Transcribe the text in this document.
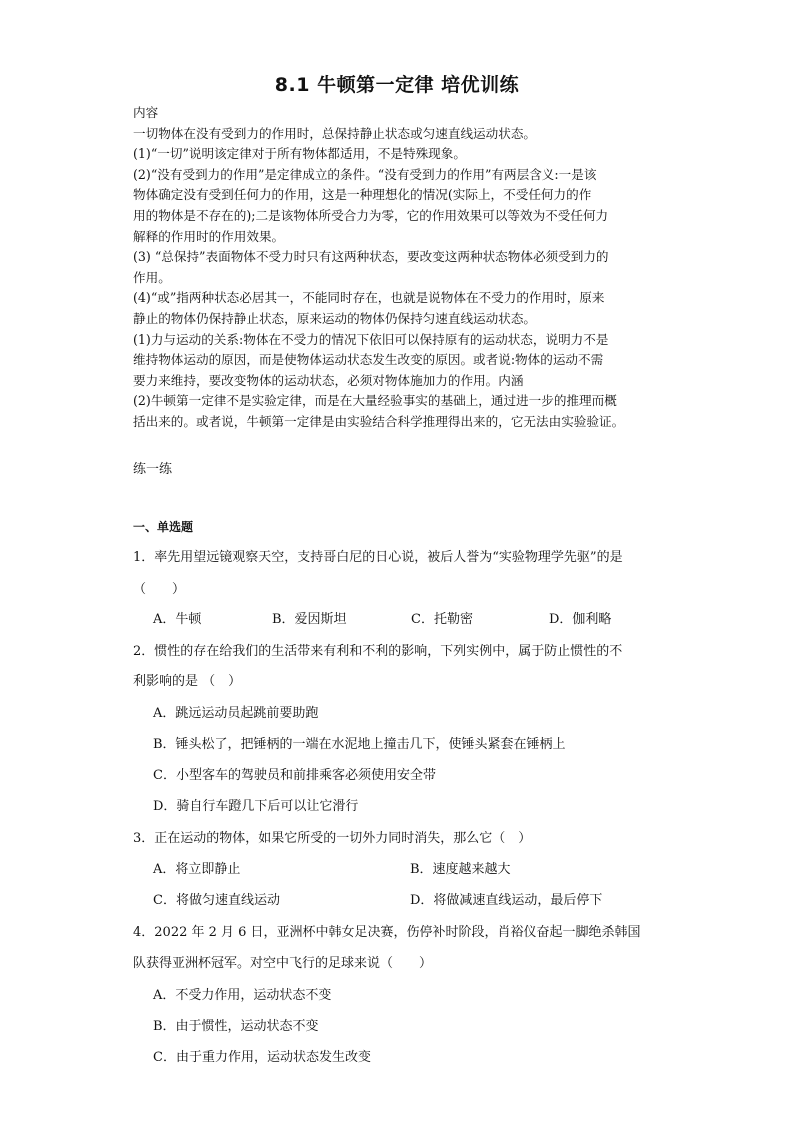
8.1 牛顿第一定律 培优训练

内容

一切物体在没有受到力的作用时，总保持静止状态或匀速直线运动状态。

(1)“一切”说明该定律对于所有物体都适用，不是特殊现象。

(2)“没有受到力的作用”是定律成立的条件。“没有受到力的作用”有两层含义:一是该

物体确定没有受到任何力的作用，这是一种理想化的情况(实际上，不受任何力的作

用的物体是不存在的);二是该物体所受合力为零，它的作用效果可以等效为不受任何力

解释的作用时的作用效果。

(3) “总保持”表面物体不受力时只有这两种状态，要改变这两种状态物体必须受到力的

作用。

(4)“或”指两种状态必居其一，不能同时存在，也就是说物体在不受力的作用时，原来

静止的物体仍保持静止状态，原来运动的物体仍保持匀速直线运动状态。

(1)力与运动的关系:物体在不受力的情况下依旧可以保持原有的运动状态，说明力不是

维持物体运动的原因，而是使物体运动状态发生改变的原因。或者说:物体的运动不需

要力来维持，要改变物体的运动状态，必须对物体施加力的作用。内涵

(2)牛顿第一定律不是实验定律，而是在大量经验事实的基础上，通过进一步的推理而概

括出来的。或者说，牛顿第一定律是由实验结合科学推理得出来的，它无法由实验验证。

练一练
一、单选题
1．率先用望远镜观察天空，支持哥白尼的日心说，被后人誉为“实验物理学先驱”的是
（　　）
A．牛顿	B．爱因斯坦	C．托勒密	D．伽利略
2．惯性的存在给我们的生活带来有利和不利的影响，下列实例中，属于防止惯性的不
利影响的是 （　）
A．跳远运动员起跳前要助跑
B．锤头松了，把锤柄的一端在水泥地上撞击几下，使锤头紧套在锤柄上
C．小型客车的驾驶员和前排乘客必须使用安全带
D．骑自行车蹬几下后可以让它滑行
3．正在运动的物体，如果它所受的一切外力同时消失，那么它（　）
A．将立即静止	B．速度越来越大
C．将做匀速直线运动	D．将做减速直线运动，最后停下
4．2022 年 2 月 6 日，亚洲杯中韩女足决赛，伤停补时阶段，肖裕仪奋起一脚绝杀韩国
队获得亚洲杯冠军。对空中飞行的足球来说（　　）
A．不受力作用，运动状态不变
B．由于惯性，运动状态不变
C．由于重力作用，运动状态发生改变
